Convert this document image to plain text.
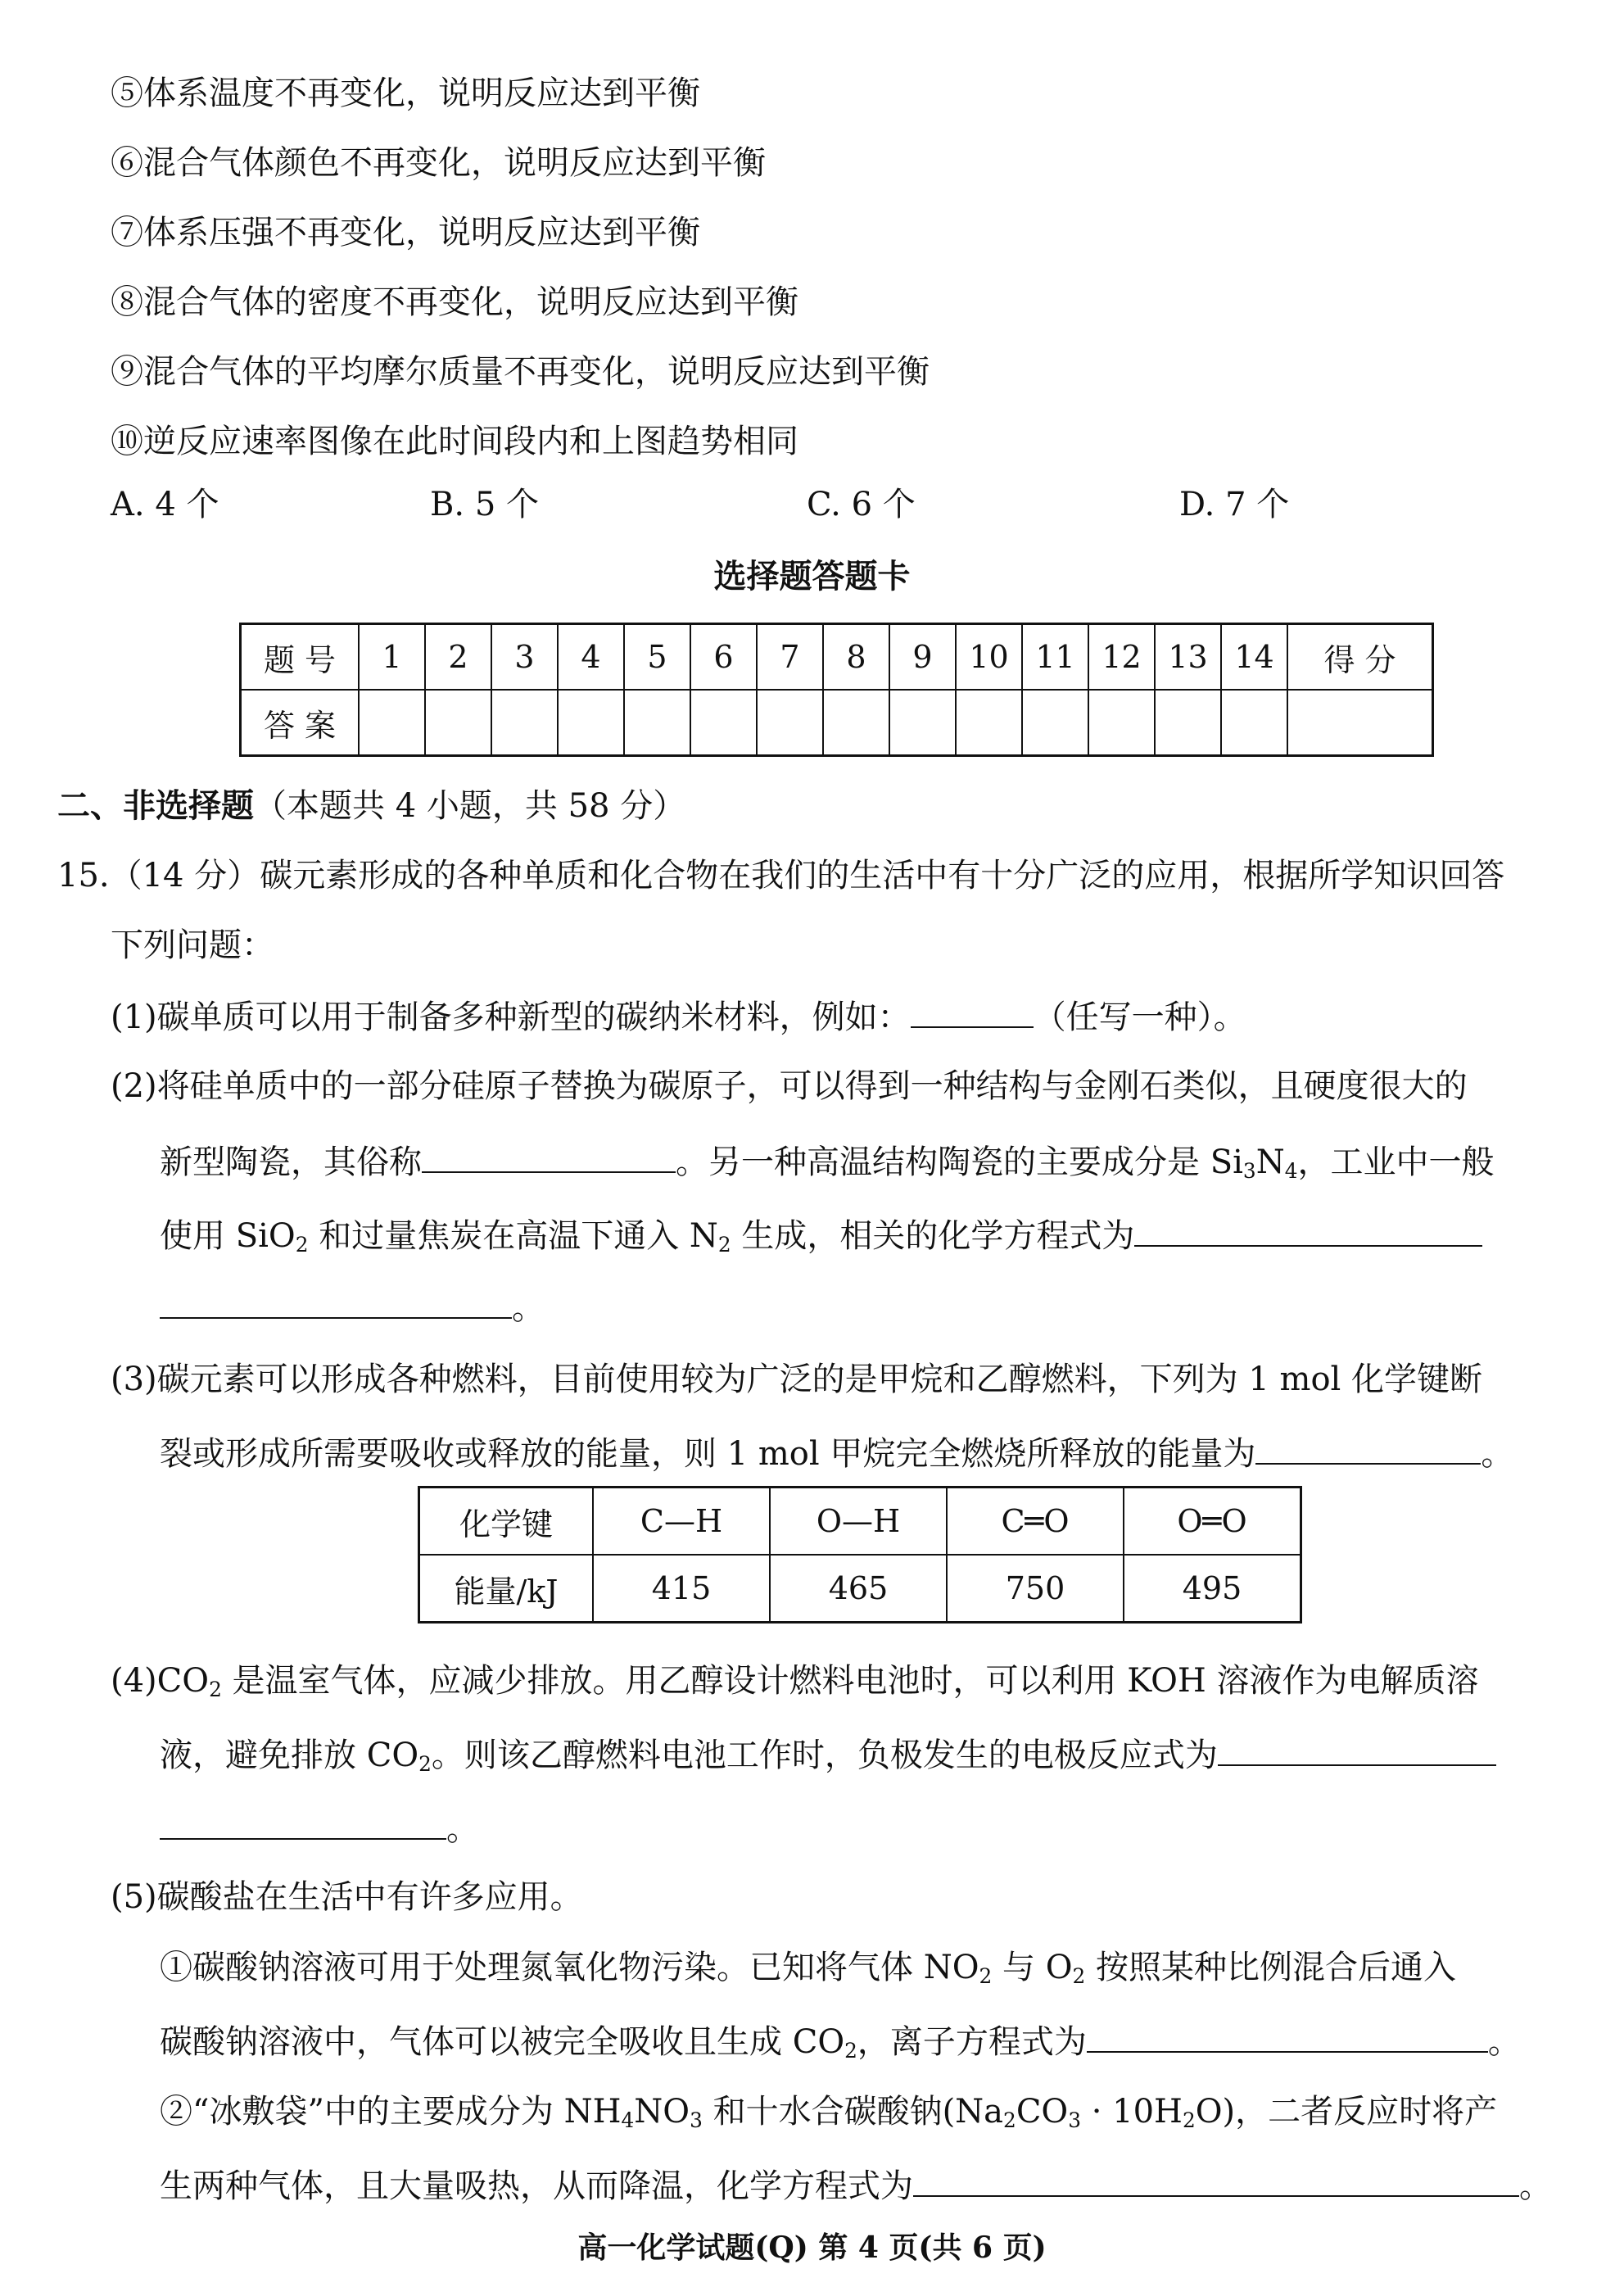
⑤体系温度不再变化，说明反应达到平衡
⑥混合气体颜色不再变化，说明反应达到平衡
⑦体系压强不再变化，说明反应达到平衡
⑧混合气体的密度不再变化，说明反应达到平衡
⑨混合气体的平均摩尔质量不再变化，说明反应达到平衡
⑩逆反应速率图像在此时间段内和上图趋势相同
A. 4 个	B. 5 个	C. 6 个	D. 7 个
选择题答题卡
题 号	1	2	3	4	5	6	7	8	9	10	11	12	13	14	得 分
答 案															
二、非选择题（本题共 4 小题，共 58 分）
15.（14 分）碳元素形成的各种单质和化合物在我们的生活中有十分广泛的应用，根据所学知识回答
下列问题：
(1)碳单质可以用于制备多种新型的碳纳米材料，例如：	（任写一种）。
(2)将硅单质中的一部分硅原子替换为碳原子，可以得到一种结构与金刚石类似，且硬度很大的
新型陶瓷，其俗称	。另一种高温结构陶瓷的主要成分是 $Si_3N_4$，工业中一般
使用 SiO$_2$ 和过量焦炭在高温下通入 $N_2$ 生成，相关的化学方程式为
。
(3)碳元素可以形成各种燃料，目前使用较为广泛的是甲烷和乙醇燃料，下列为 1 mol 化学键断
裂或形成所需要吸收或释放的能量，则 1 mol 甲烷完全燃烧所释放的能量为	。
化学键	C—H	O—H	C═O	O═O
能量/kJ	415	465	750	495
$(4)CO_2$ 是温室气体，应减少排放。用乙醇设计燃料电池时，可以利用 KOH 溶液作为电解质溶
液，避免排放 $CO_2$。则该乙醇燃料电池工作时，负极发生的电极反应式为
。
(5)碳酸盐在生活中有许多应用。
①碳酸钠溶液可用于处理氮氧化物污染。已知将气体 $NO_2$ 与 $O_2$ 按照某种比例混合后通入
碳酸钠溶液中，气体可以被完全吸收且生成 $CO_2$，离子方程式为	。
②“冰敷袋”中的主要成分为 $NH_4NO_3$ 和十水合碳酸钠$(Na_2CO_3 \cdot 10H_2O)$，二者反应时将产
生两种气体，且大量吸热，从而降温，化学方程式为	。
高一化学试题(Q) 第 4 页(共 6 页)
